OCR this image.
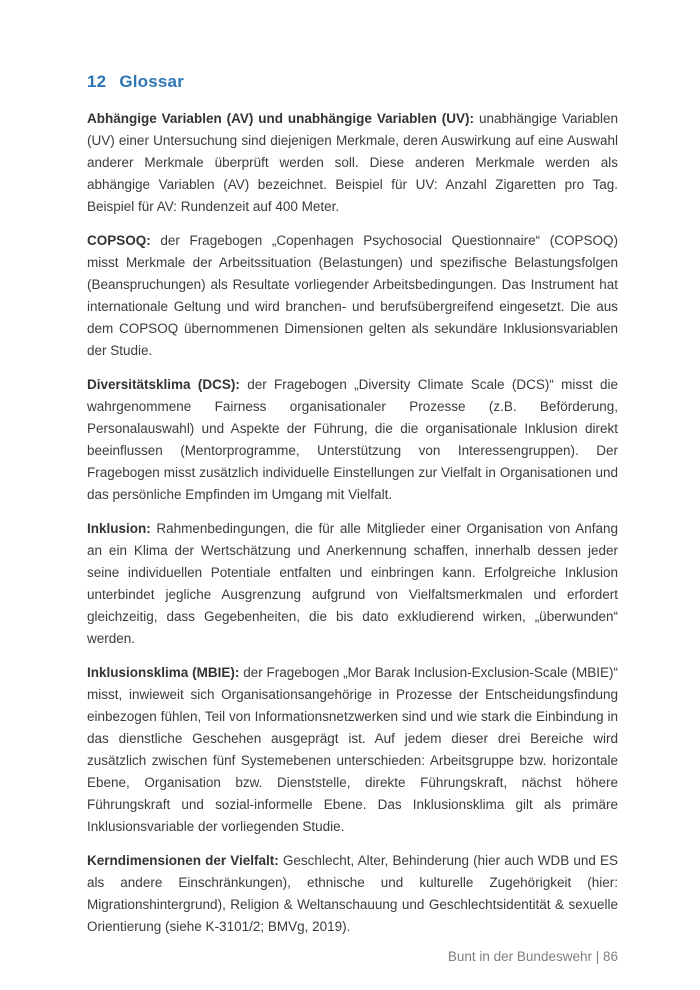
12 Glossar

Abhängige Variablen (AV) und unabhängige Variablen (UV): unabhängige Variablen (UV) einer Untersuchung sind diejenigen Merkmale, deren Auswirkung auf eine Auswahl anderer Merkmale überprüft werden soll. Diese anderen Merkmale werden als abhängige Variablen (AV) bezeichnet. Beispiel für UV: Anzahl Zigaretten pro Tag. Beispiel für AV: Rundenzeit auf 400 Meter.

COPSOQ: der Fragebogen „Copenhagen Psychosocial Questionnaire“ (COPSOQ) misst Merkmale der Arbeitssituation (Belastungen) und spezifische Belastungsfolgen (Beanspruchungen) als Resultate vorliegender Arbeitsbedingungen. Das Instrument hat internationale Geltung und wird branchen- und berufsübergreifend eingesetzt. Die aus dem COPSOQ übernommenen Dimensionen gelten als sekundäre Inklusionsvariablen der Studie.

Diversitätsklima (DCS): der Fragebogen „Diversity Climate Scale (DCS)“ misst die wahrgenommene Fairness organisationaler Prozesse (z.B. Beförderung, Personalauswahl) und Aspekte der Führung, die die organisationale Inklusion direkt beeinflussen (Mentorprogramme, Unterstützung von Interessengruppen). Der Fragebogen misst zusätzlich individuelle Einstellungen zur Vielfalt in Organisationen und das persönliche Empfinden im Umgang mit Vielfalt.

Inklusion: Rahmenbedingungen, die für alle Mitglieder einer Organisation von Anfang an ein Klima der Wertschätzung und Anerkennung schaffen, innerhalb dessen jeder seine individuellen Potentiale entfalten und einbringen kann. Erfolgreiche Inklusion unterbindet jegliche Ausgrenzung aufgrund von Vielfaltsmerkmalen und erfordert gleichzeitig, dass Gegebenheiten, die bis dato exkludierend wirken, „überwunden“ werden.

Inklusionsklima (MBIE): der Fragebogen „Mor Barak Inclusion-Exclusion-Scale (MBIE)“ misst, inwieweit sich Organisationsangehörige in Prozesse der Entscheidungsfindung einbezogen fühlen, Teil von Informationsnetzwerken sind und wie stark die Einbindung in das dienstliche Geschehen ausgeprägt ist. Auf jedem dieser drei Bereiche wird zusätzlich zwischen fünf Systemebenen unterschieden: Arbeitsgruppe bzw. horizontale Ebene, Organisation bzw. Dienststelle, direkte Führungskraft, nächst höhere Führungskraft und sozial-informelle Ebene. Das Inklusionsklima gilt als primäre Inklusionsvariable der vorliegenden Studie.

Kerndimensionen der Vielfalt: Geschlecht, Alter, Behinderung (hier auch WDB und ES als andere Einschränkungen), ethnische und kulturelle Zugehörigkeit (hier: Migrationshintergrund), Religion & Weltanschauung und Geschlechtsidentität & sexuelle Orientierung (siehe K-3101/2; BMVg, 2019).

Bunt in der Bundeswehr | 86
